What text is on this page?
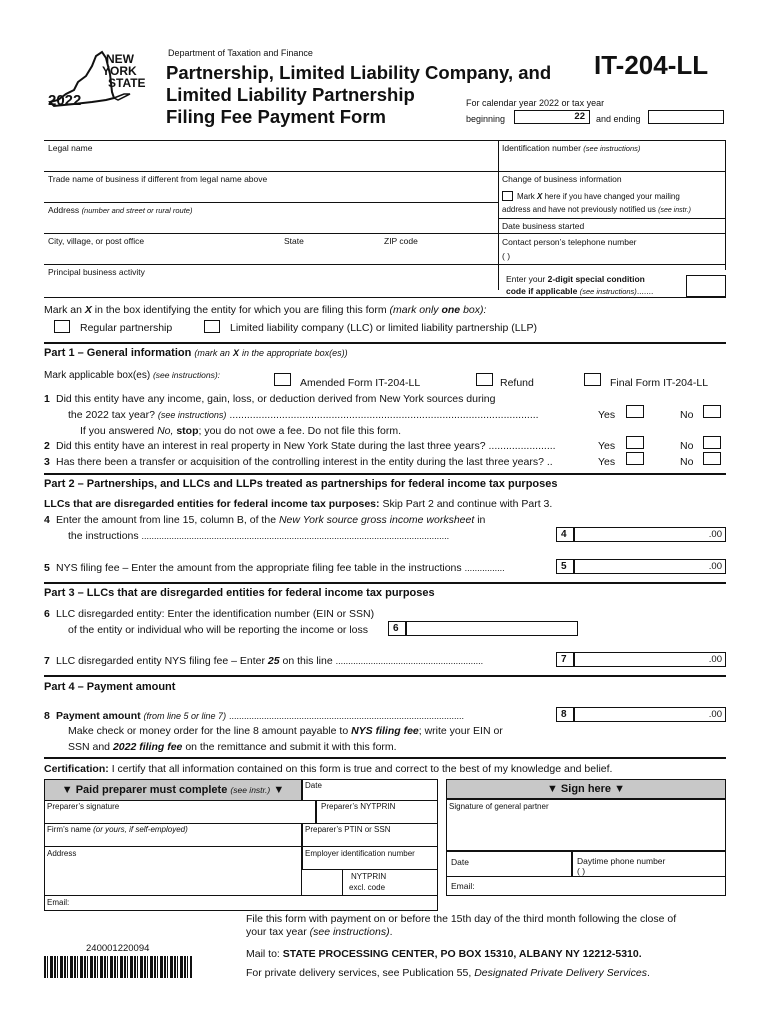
NEW
YORK
STATE
2022
Department of Taxation and Finance
Partnership, Limited Liability Company, and
Limited Liability Partnership
Filing Fee Payment Form
IT-204-LL
For calendar year 2022 or tax year
beginning	22 and ending
Legal name	Identification number (see instructions)
Trade name of business if different from legal name above	Change of business information
Mark X here if you have changed your mailing
address and have not previously notified us (see instr.)
Address (number and street or rural route)
Date business started
City, village, or post office	State	ZIP code	Contact person’s telephone number
( )
Principal business activity
Enter your 2-digit special condition
code if applicable (see instructions).......
Mark an X in the box identifying the entity for which you are filing this form (mark only one box):
Regular partnership	Limited liability company (LLC) or limited liability partnership (LLP)
Part 1 – General information (mark an X in the appropriate box(es))
Mark applicable box(es) (see instructions):
Amended Form IT-204-LL	Refund	Final Form IT-204-LL
1 Did this entity have any income, gain, loss, or deduction derived from New York sources during
the 2022 tax year? (see instructions) ..........................................................................................................	Yes	No
If you answered No, stop; you do not owe a fee. Do not file this form.
2 Did this entity have an interest in real property in New York State during the last three years? .......................	Yes	No
3 Has there been a transfer or acquisition of the controlling interest in the entity during the last three years? ..	Yes	No
Part 2 – Partnerships, and LLCs and LLPs treated as partnerships for federal income tax purposes
LLCs that are disregarded entities for federal income tax purposes: Skip Part 2 and continue with Part 3.
4 Enter the amount from line 15, column B, of the New York source gross income worksheet in
the instructions ...........................................................................................................................	4	.00
5 NYS filing fee – Enter the amount from the appropriate filing fee table in the instructions ................	5	.00
Part 3 – LLCs that are disregarded entities for federal income tax purposes
6 LLC disregarded entity: Enter the identification number (EIN or SSN)
of the entity or individual who will be reporting the income or loss	6
7 LLC disregarded entity NYS filing fee – Enter 25 on this line ...........................................................	7	.00
Part 4 – Payment amount
8 Payment amount (from line 5 or line 7) ..............................................................................................	8	.00
Make check or money order for the line 8 amount payable to NYS filing fee; write your EIN or
SSN and 2022 filing fee on the remittance and submit it with this form.
Certification: I certify that all information contained on this form is true and correct to the best of my knowledge and belief.
▼ Paid preparer must complete (see instr.) ▼	Date	▼ Sign here ▼
Preparer’s signature	Preparer’s NYTPRIN	Signature of general partner
Firm’s name (or yours, if self-employed)	Preparer’s PTIN or SSN
Address	Employer identification number
NYTPRIN
excl. code
Date	Daytime phone number
( )
Email:
Email:
File this form with payment on or before the 15th day of the third month following the close of
your tax year (see instructions).
240001220094	Mail to: STATE PROCESSING CENTER, PO BOX 15310, ALBANY NY 12212-5310.
For private delivery services, see Publication 55, Designated Private Delivery Services.
